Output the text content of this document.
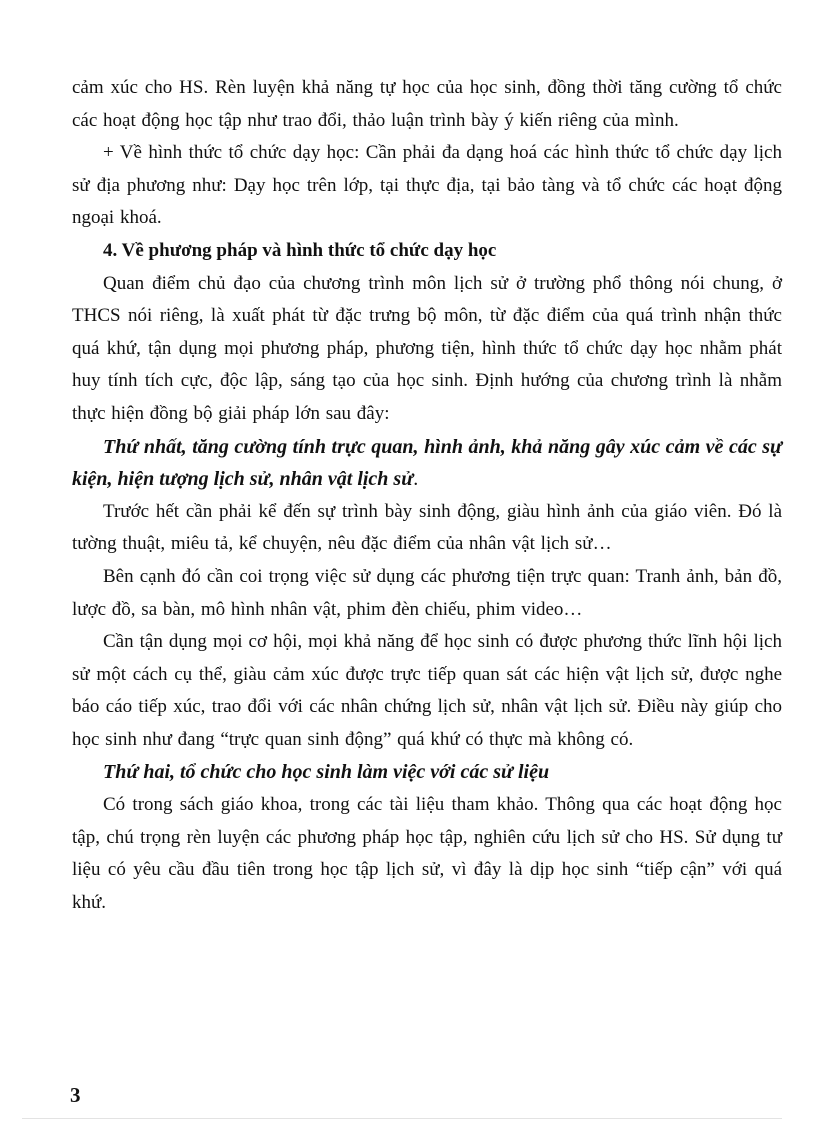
cảm xúc cho HS. Rèn luyện khả năng tự học của học sinh, đồng thời tăng cường tổ chức các hoạt động học tập như trao đổi, thảo luận trình bày ý kiến riêng của mình.

+ Về hình thức tổ chức dạy học: Cần phải đa dạng hoá các hình thức tổ chức dạy lịch sử địa phương như: Dạy học trên lớp, tại thực địa, tại bảo tàng và tổ chức các hoạt động ngoại khoá.

4. Về phương pháp và hình thức tổ chức dạy học

Quan điểm chủ đạo của chương trình môn lịch sử ở trường phổ thông nói chung, ở THCS nói riêng, là xuất phát từ đặc trưng bộ môn, từ đặc điểm của quá trình nhận thức quá khứ, tận dụng mọi phương pháp, phương tiện, hình thức tổ chức dạy học nhằm phát huy tính tích cực, độc lập, sáng tạo của học sinh. Định hướng của chương trình là nhằm thực hiện đồng bộ giải pháp lớn sau đây:

Thứ nhất, tăng cường tính trực quan, hình ảnh, khả năng gây xúc cảm về các sự kiện, hiện tượng lịch sử, nhân vật lịch sử.

Trước hết cần phải kể đến sự trình bày sinh động, giàu hình ảnh của giáo viên. Đó là tường thuật, miêu tả, kể chuyện, nêu đặc điểm của nhân vật lịch sử…

Bên cạnh đó cần coi trọng việc sử dụng các phương tiện trực quan: Tranh ảnh, bản đồ, lược đồ, sa bàn, mô hình nhân vật, phim đèn chiếu, phim video…

Cần tận dụng mọi cơ hội, mọi khả năng để học sinh có được phương thức lĩnh hội lịch sử một cách cụ thể, giàu cảm xúc được trực tiếp quan sát các hiện vật lịch sử, được nghe báo cáo tiếp xúc, trao đổi với các nhân chứng lịch sử, nhân vật lịch sử. Điều này giúp cho học sinh như đang “trực quan sinh động” quá khứ có thực mà không có.

Thứ hai, tổ chức cho học sinh làm việc với các sử liệu

Có trong sách giáo khoa, trong các tài liệu tham khảo. Thông qua các hoạt động học tập, chú trọng rèn luyện các phương pháp học tập, nghiên cứu lịch sử cho HS. Sử dụng tư liệu có yêu cầu đầu tiên trong học tập lịch sử, vì đây là dịp học sinh “tiếp cận” với quá khứ.

3
